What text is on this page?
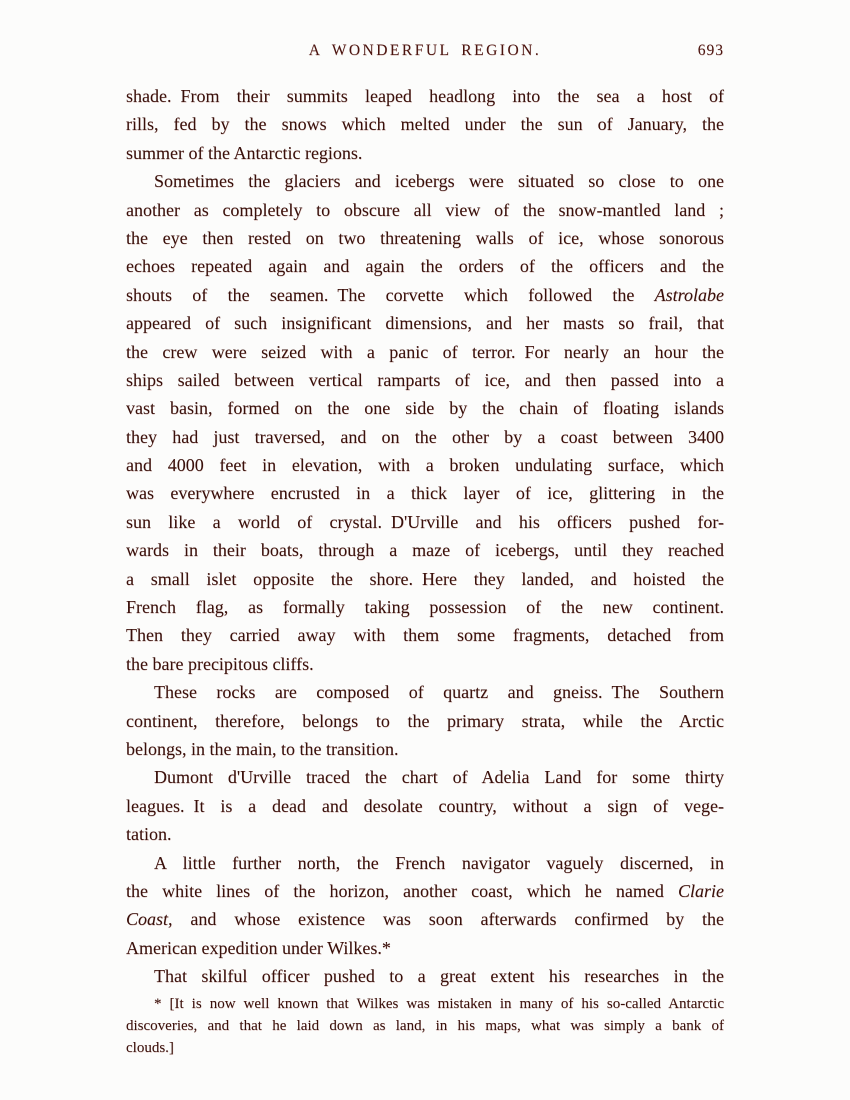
A WONDERFUL REGION.	693
shade. From their summits leaped headlong into the sea a host of
rills, fed by the snows which melted under the sun of January, the
summer of the Antarctic regions.
Sometimes the glaciers and icebergs were situated so close to one
another as completely to obscure all view of the snow-mantled land ;
the eye then rested on two threatening walls of ice, whose sonorous
echoes repeated again and again the orders of the officers and the
shouts of the seamen. The corvette which followed the Astrolabe
appeared of such insignificant dimensions, and her masts so frail, that
the crew were seized with a panic of terror. For nearly an hour the
ships sailed between vertical ramparts of ice, and then passed into a
vast basin, formed on the one side by the chain of floating islands
they had just traversed, and on the other by a coast between 3400
and 4000 feet in elevation, with a broken undulating surface, which
was everywhere encrusted in a thick layer of ice, glittering in the
sun like a world of crystal. D'Urville and his officers pushed for-
wards in their boats, through a maze of icebergs, until they reached
a small islet opposite the shore. Here they landed, and hoisted the
French flag, as formally taking possession of the new continent.
Then they carried away with them some fragments, detached from
the bare precipitous cliffs.
These rocks are composed of quartz and gneiss. The Southern
continent, therefore, belongs to the primary strata, while the Arctic
belongs, in the main, to the transition.
Dumont d'Urville traced the chart of Adelia Land for some thirty
leagues. It is a dead and desolate country, without a sign of vege-
tation.
A little further north, the French navigator vaguely discerned, in
the white lines of the horizon, another coast, which he named Clarie
Coast, and whose existence was soon afterwards confirmed by the
American expedition under Wilkes.*
That skilful officer pushed to a great extent his researches in the
* [It is now well known that Wilkes was mistaken in many of his so-called Antarctic
discoveries, and that he laid down as land, in his maps, what was simply a bank of
clouds.]
